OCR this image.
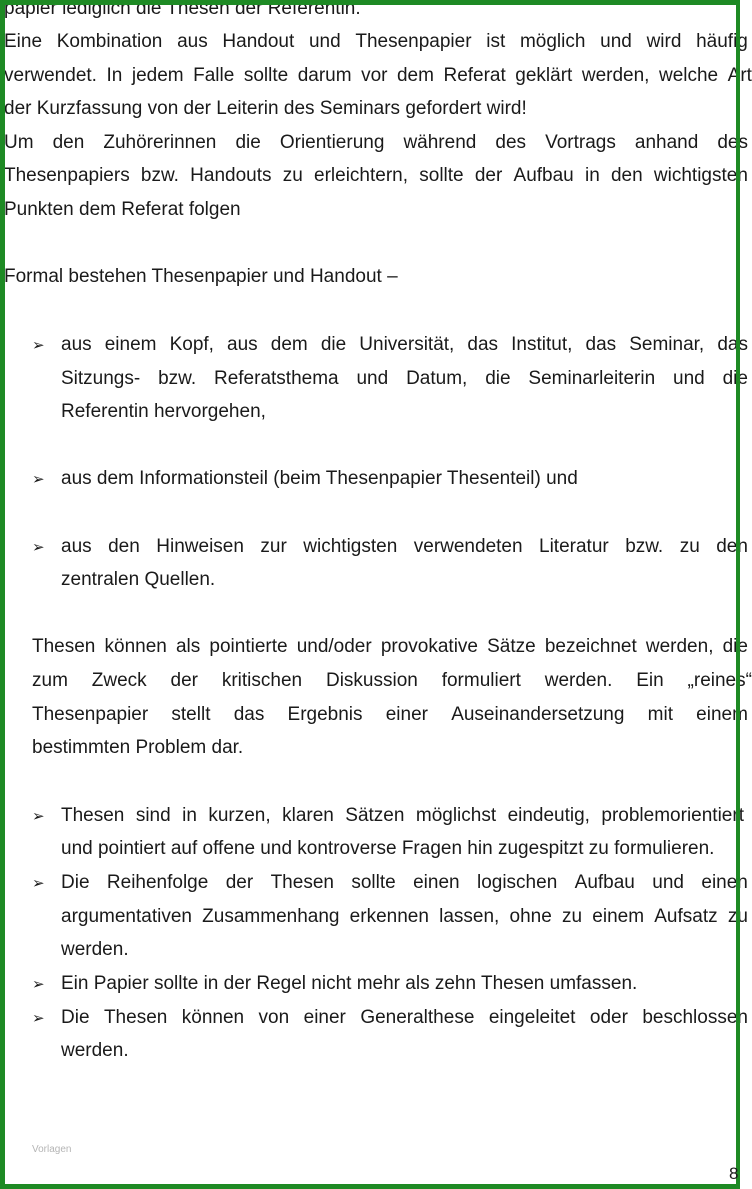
papier lediglich die Thesen der Referentin.
Eine Kombination aus Handout und Thesenpapier ist möglich und wird häufig
verwendet. In jedem Falle sollte darum vor dem Referat geklärt werden, welche Art
der Kurzfassung von der Leiterin des Seminars gefordert wird!
Um den Zuhörerinnen die Orientierung während des Vortrags anhand des
Thesenpapiers bzw. Handouts zu erleichtern, sollte der Aufbau in den wichtigsten
Punkten dem Referat folgen
Formal bestehen Thesenpapier und Handout –
aus einem Kopf, aus dem die Universität, das Institut, das Seminar, das
Sitzungs- bzw. Referatsthema und Datum, die Seminarleiterin und die
Referentin hervorgehen,
aus dem Informationsteil (beim Thesenpapier Thesenteil) und
aus den Hinweisen zur wichtigsten verwendeten Literatur bzw. zu den
zentralen Quellen.
Thesen können als pointierte und/oder provokative Sätze bezeichnet werden, die
zum Zweck der kritischen Diskussion formuliert werden. Ein „reines“
Thesenpapier stellt das Ergebnis einer Auseinandersetzung mit einem
bestimmten Problem dar.
Thesen sind in kurzen, klaren Sätzen möglichst eindeutig, problemorientiert
und pointiert auf offene und kontroverse Fragen hin zugespitzt zu formulieren.
Die Reihenfolge der Thesen sollte einen logischen Aufbau und einen
argumentativen Zusammenhang erkennen lassen, ohne zu einem Aufsatz zu
werden.
Ein Papier sollte in der Regel nicht mehr als zehn Thesen umfassen.
Die Thesen können von einer Generalthese eingeleitet oder beschlossen
werden.
➢
➢
➢
➢
➢
➢
➢
Vorlagen
8
